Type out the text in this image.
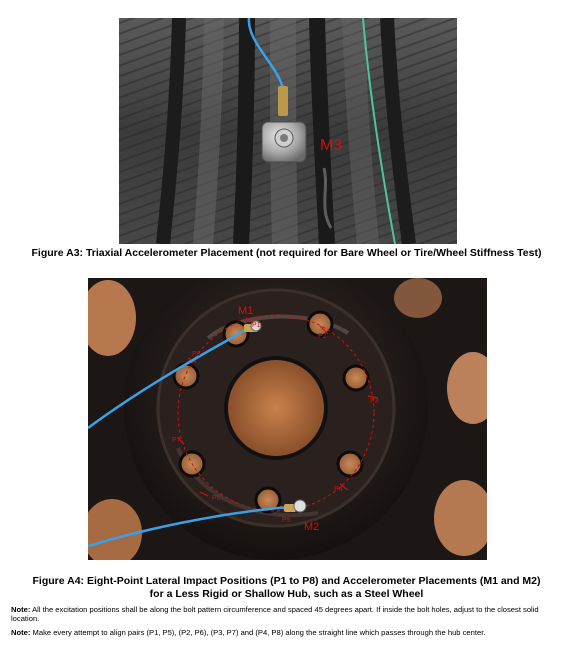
M3
Figure A3: Triaxial Accelerometer Placement (not required for Bare Wheel or Tire/Wheel Stiffness Test)
M1
M2
P1
P2
P3
P4
P5
P6
P7
P8
Figure A4: Eight-Point Lateral Impact Positions (P1 to P8) and Accelerometer Placements (M1 and M2)
for a Less Rigid or Shallow Hub, such as a Steel Wheel
Note: All the excitation positions shall be along the bolt pattern circumference and spaced 45 degrees apart. If inside the bolt holes, adjust to the closest solid location.
Note: Make every attempt to align pairs (P1, P5), (P2, P6), (P3, P7) and (P4, P8) along the straight line which passes through the hub center.
